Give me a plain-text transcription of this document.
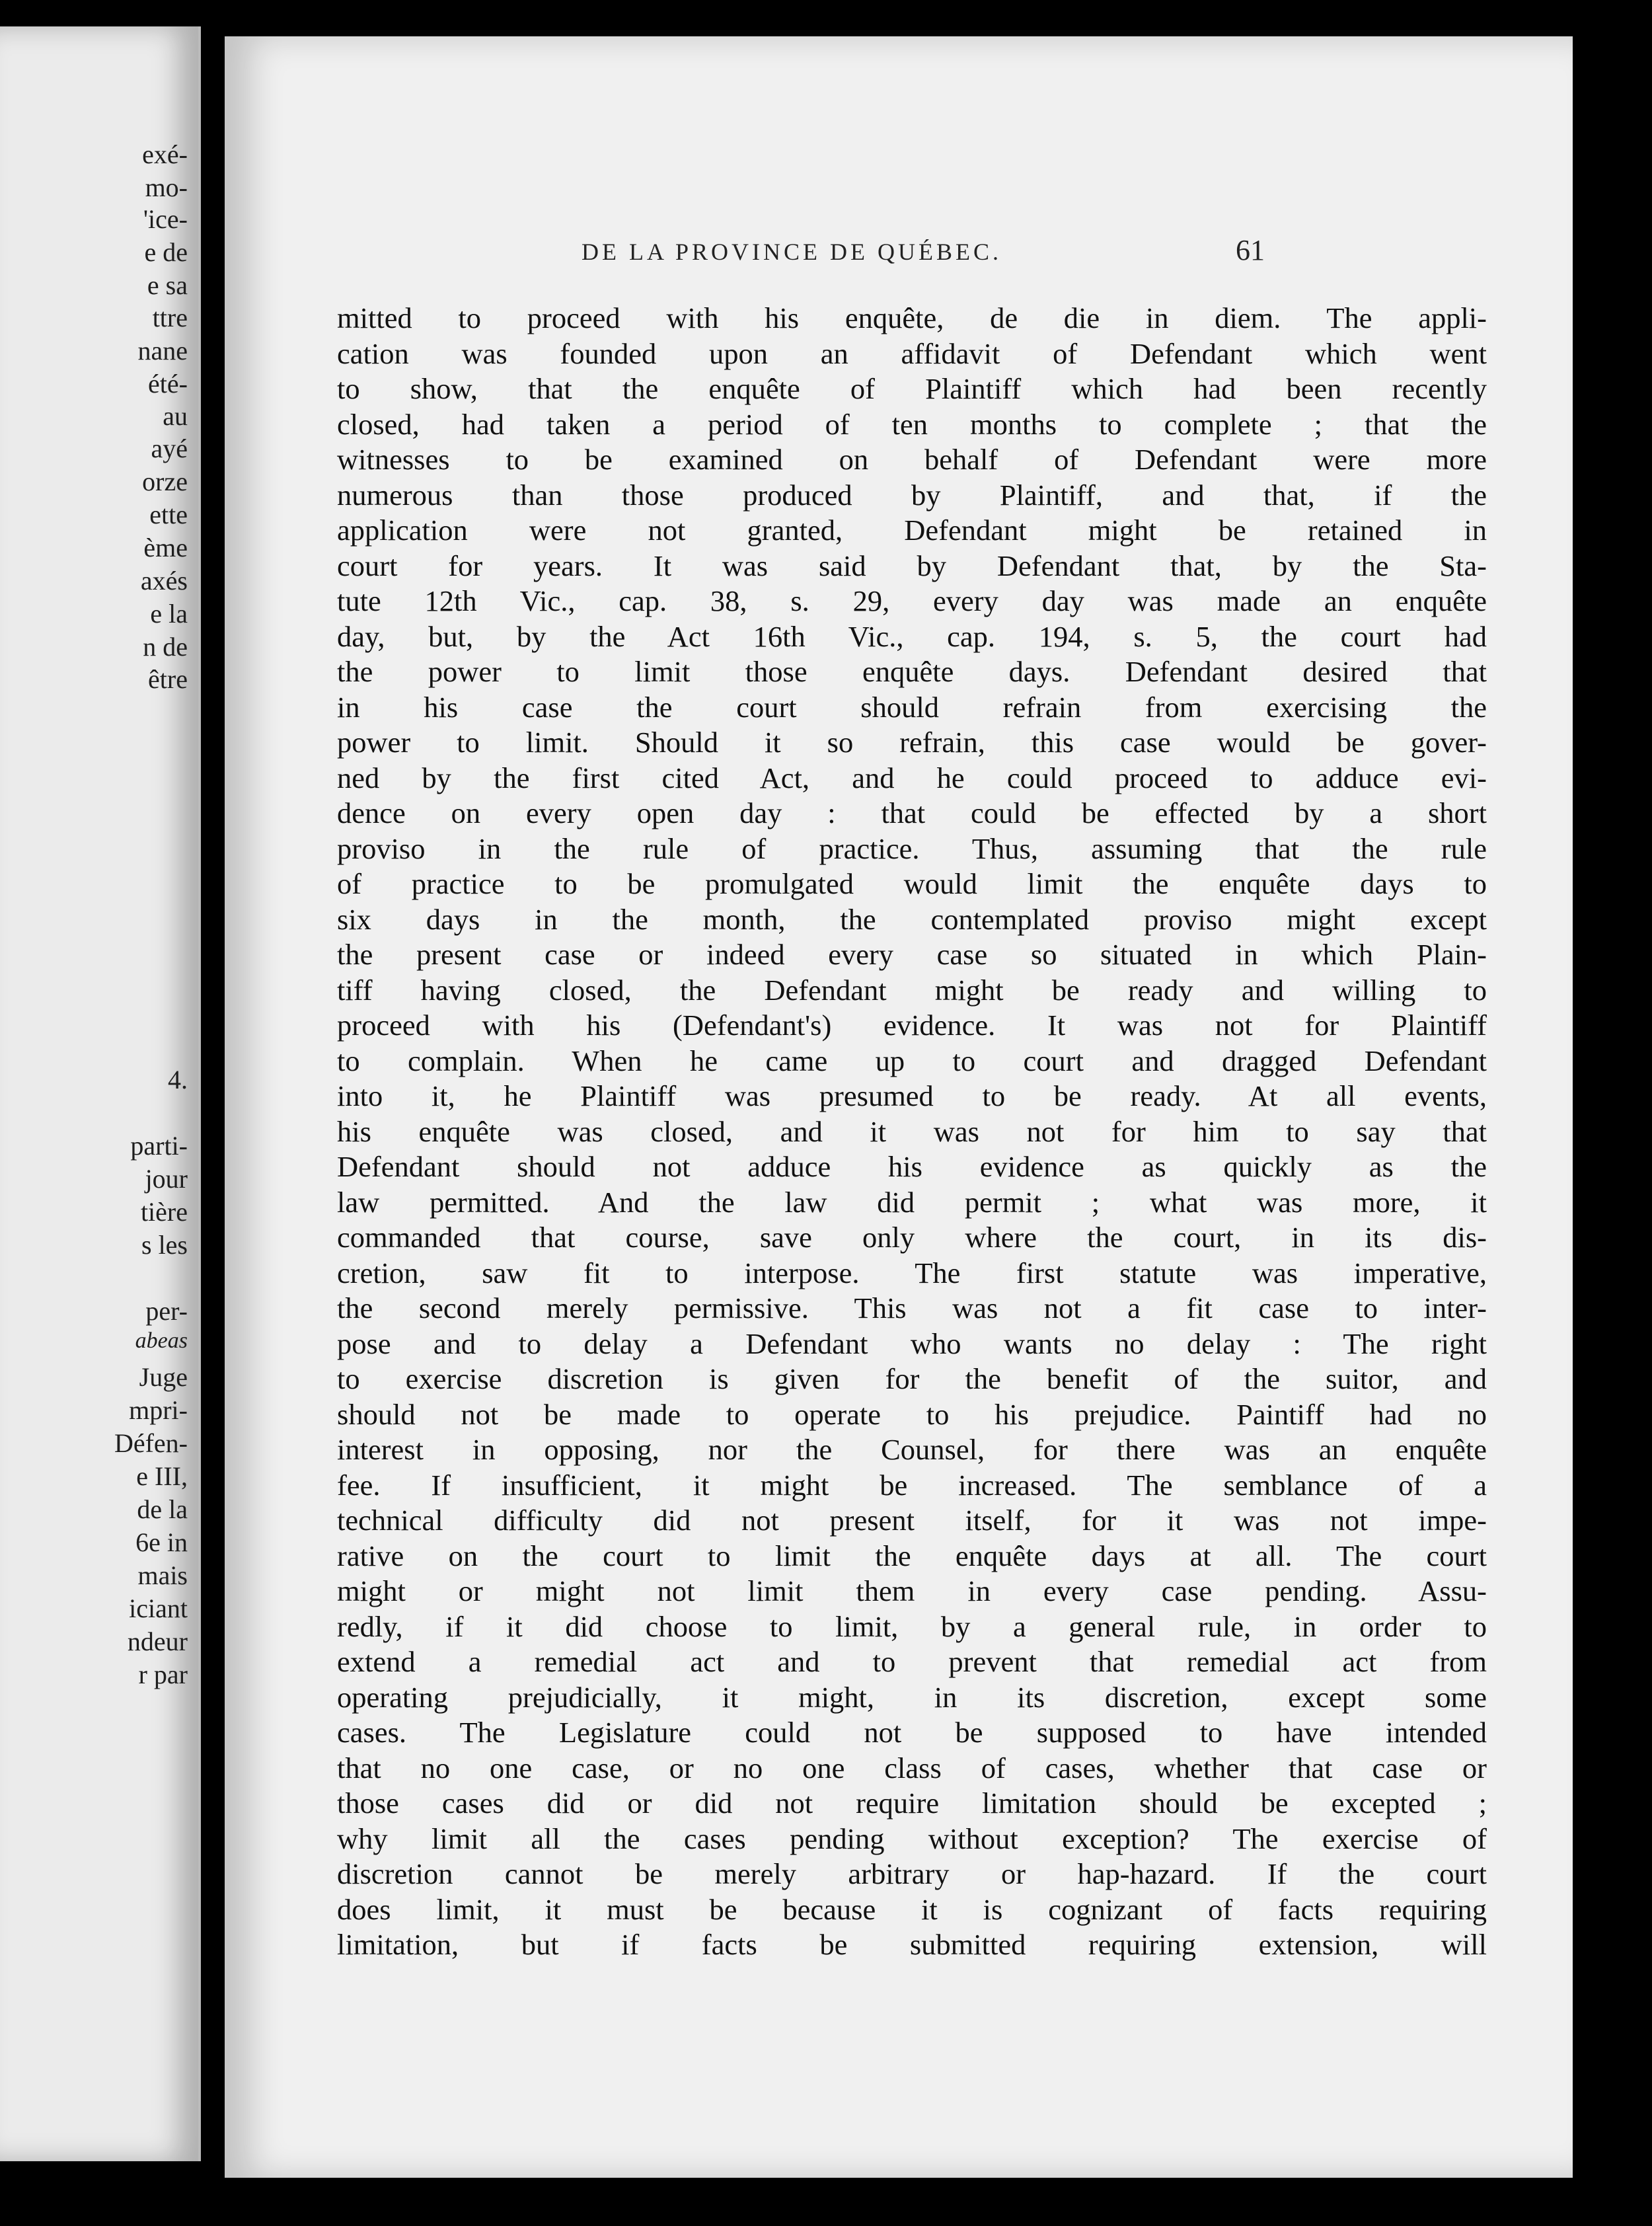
exé-

mo-

'ice-

e de

e sa

ttre

nane

été-

au

ayé

orze

ette

ème

axés

e la

n de

être

4.

parti-

jour

tière

s les

per-

abeas

Juge

mpri-

Défen-

e III,

de la

6e in

mais

iciant

ndeur

r par

DE LA PROVINCE DE QUÉBEC.	61

mitted to proceed with his enquête, de die in diem. The appli-
cation was founded upon an affidavit of Defendant which went
to show, that the enquête of Plaintiff which had been recently
closed, had taken a period of ten months to complete ; that the
witnesses to be examined on behalf of Defendant were more
numerous than those produced by Plaintiff, and that, if the
application were not granted, Defendant might be retained in
court for years. It was said by Defendant that, by the Sta-
tute 12th Vic., cap. 38, s. 29, every day was made an enquête
day, but, by the Act 16th Vic., cap. 194, s. 5, the court had
the power to limit those enquête days. Defendant desired that
in his case the court should refrain from exercising the
power to limit. Should it so refrain, this case would be gover-
ned by the first cited Act, and he could proceed to adduce evi-
dence on every open day : that could be effected by a short
proviso in the rule of practice. Thus, assuming that the rule
of practice to be promulgated would limit the enquête days to
six days in the month, the contemplated proviso might except
the present case or indeed every case so situated in which Plain-
tiff having closed, the Defendant might be ready and willing to
proceed with his (Defendant's) evidence. It was not for Plaintiff
to complain. When he came up to court and dragged Defendant
into it, he Plaintiff was presumed to be ready. At all events,
his enquête was closed, and it was not for him to say that
Defendant should not adduce his evidence as quickly as the
law permitted. And the law did permit ; what was more, it
commanded that course, save only where the court, in its dis-
cretion, saw fit to interpose. The first statute was imperative,
the second merely permissive. This was not a fit case to inter-
pose and to delay a Defendant who wants no delay : The right
to exercise discretion is given for the benefit of the suitor, and
should not be made to operate to his prejudice. Paintiff had no
interest in opposing, nor the Counsel, for there was an enquête
fee. If insufficient, it might be increased. The semblance of a
technical difficulty did not present itself, for it was not impe-
rative on the court to limit the enquête days at all. The court
might or might not limit them in every case pending. Assu-
redly, if it did choose to limit, by a general rule, in order to
extend a remedial act and to prevent that remedial act from
operating prejudicially, it might, in its discretion, except some
cases. The Legislature could not be supposed to have intended
that no one case, or no one class of cases, whether that case or
those cases did or did not require limitation should be excepted ;
why limit all the cases pending without exception? The exercise of
discretion cannot be merely arbitrary or hap-hazard. If the court
does limit, it must be because it is cognizant of facts requiring
limitation, but if facts be submitted requiring extension, will
